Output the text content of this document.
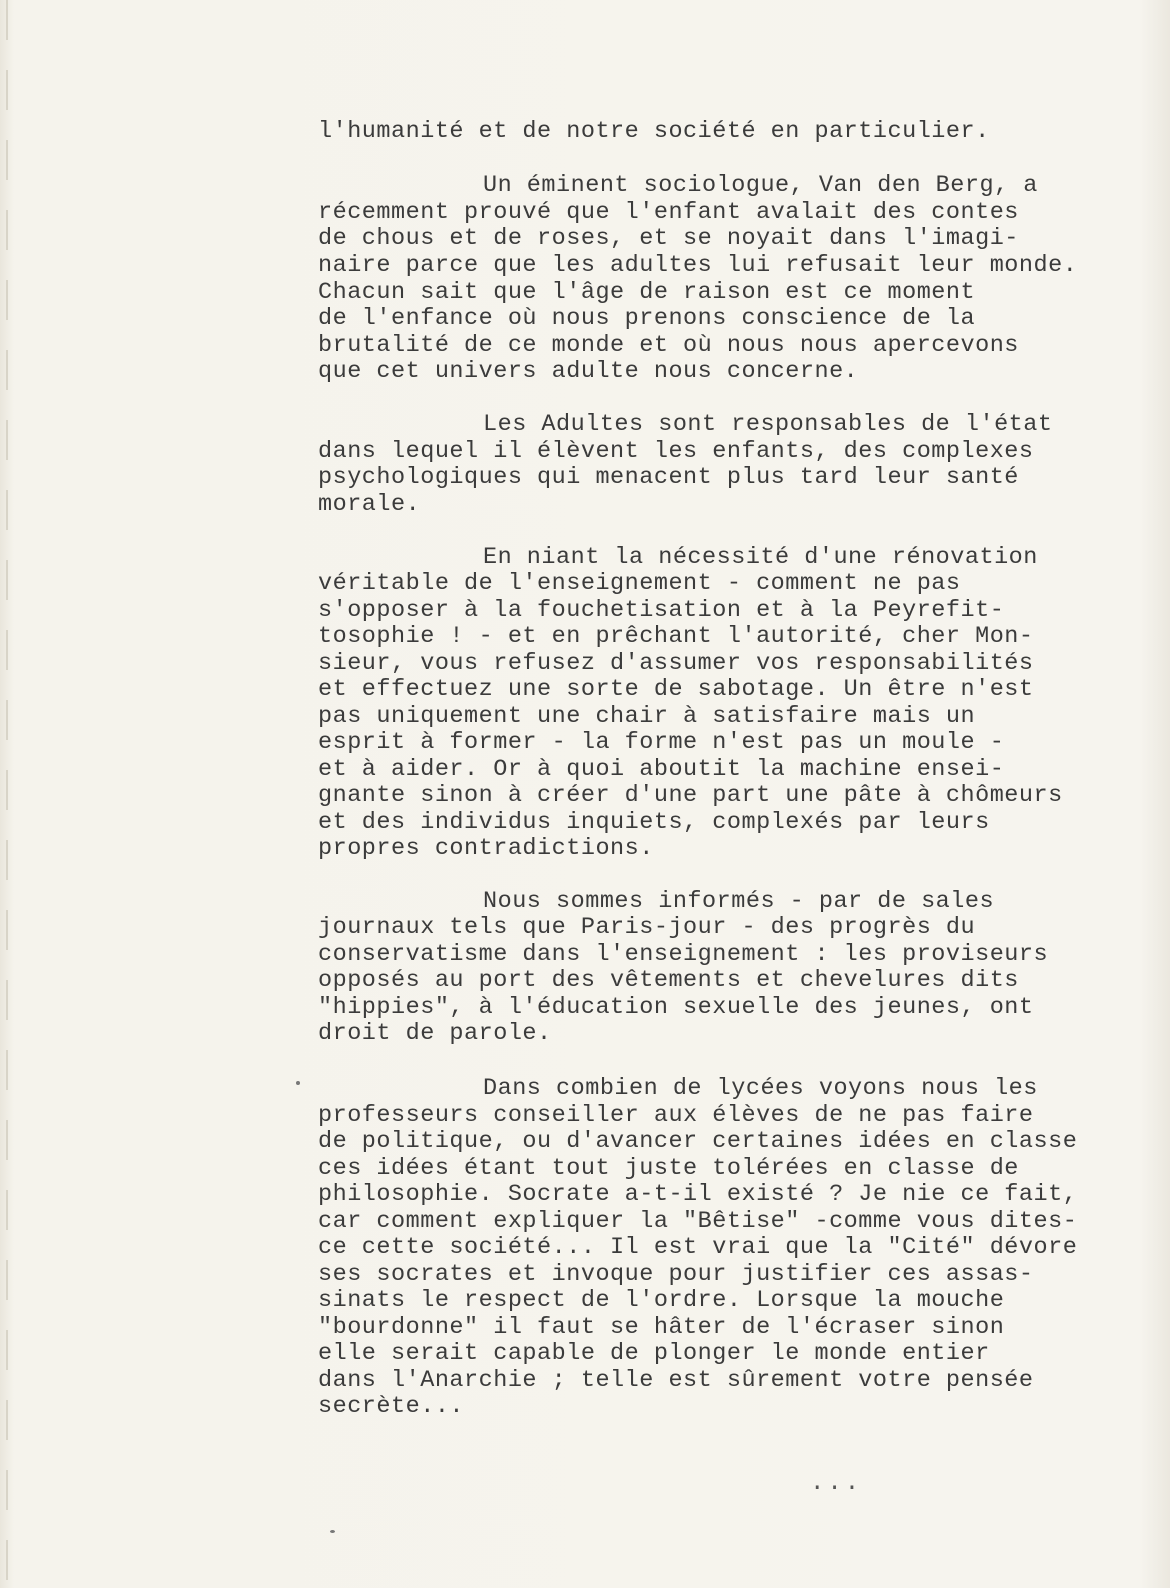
l'humanité et de notre société en particulier.
Un éminent sociologue, Van den Berg, a
récemment prouvé que l'enfant avalait des contes
de chous et de roses, et se noyait dans l'imagi-
naire parce que les adultes lui refusait leur monde.
Chacun sait que l'âge de raison est ce moment
de l'enfance où nous prenons conscience de la
brutalité de ce monde et où nous nous apercevons
que cet univers adulte nous concerne.
Les Adultes sont responsables de l'état
dans lequel il élèvent les enfants, des complexes
psychologiques qui menacent plus tard leur santé
morale.
En niant la nécessité d'une rénovation
véritable de l'enseignement - comment ne pas
s'opposer à la fouchetisation et à la Peyrefit-
tosophie ! - et en prêchant l'autorité, cher Mon-
sieur, vous refusez d'assumer vos responsabilités
et effectuez une sorte de sabotage. Un être n'est
pas uniquement une chair à satisfaire mais un
esprit à former - la forme n'est pas un moule -
et à aider. Or à quoi aboutit la machine ensei-
gnante sinon à créer d'une part une pâte à chômeurs
et des individus inquiets, complexés par leurs
propres contradictions.
Nous sommes informés - par de sales
journaux tels que Paris-jour - des progrès du
conservatisme dans l'enseignement : les proviseurs
opposés au port des vêtements et chevelures dits
"hippies", à l'éducation sexuelle des jeunes, ont
droit de parole.
Dans combien de lycées voyons nous les
professeurs conseiller aux élèves de ne pas faire
de politique, ou d'avancer certaines idées en classe
ces idées étant tout juste tolérées en classe de
philosophie. Socrate a-t-il existé ? Je nie ce fait,
car comment expliquer la "Bêtise" -comme vous dites-
ce cette société... Il est vrai que la "Cité" dévore
ses socrates et invoque pour justifier ces assas-
sinats le respect de l'ordre. Lorsque la mouche
"bourdonne" il faut se hâter de l'écraser sinon
elle serait capable de plonger le monde entier
dans l'Anarchie ; telle est sûrement votre pensée
secrète...
...
